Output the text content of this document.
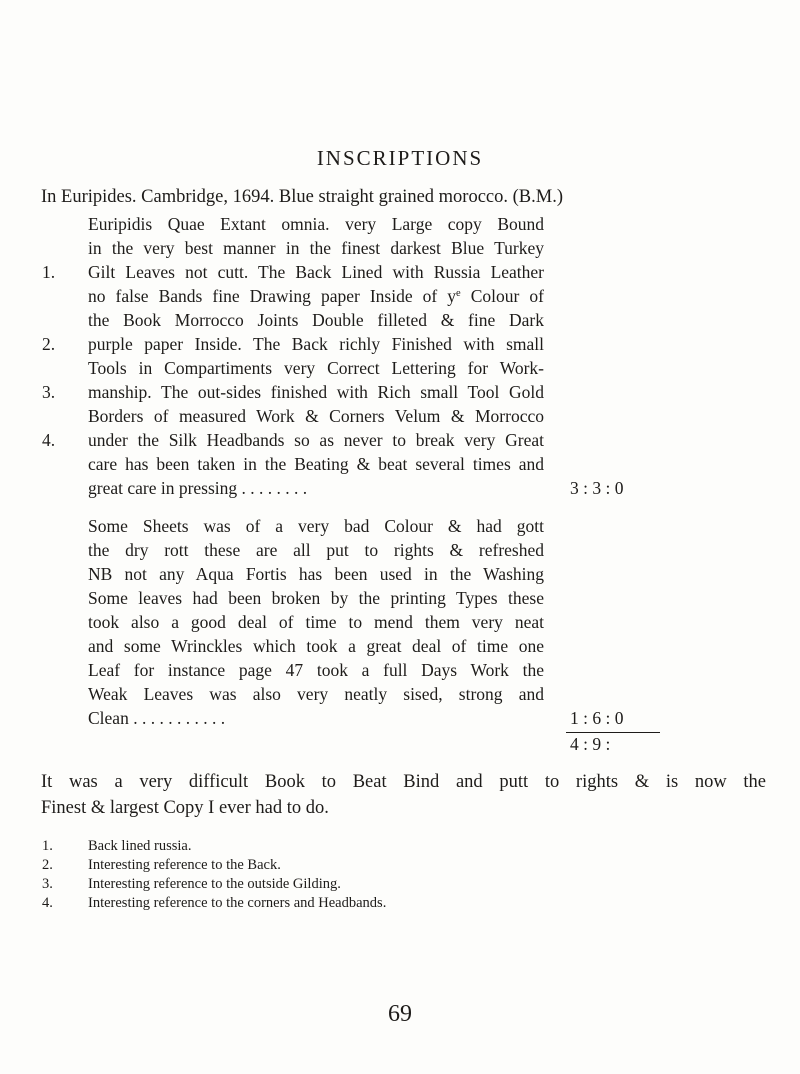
INSCRIPTIONS
In Euripides. Cambridge, 1694. Blue straight grained morocco. (B.M.)
Euripidis Quae Extant omnia. very Large copy Bound
in the very best manner in the finest darkest Blue Turkey
Gilt Leaves not cutt. The Back Lined with Russia Leather
no false Bands fine Drawing paper Inside of $y^e$ Colour of
the Book Morrocco Joints Double filleted & fine Dark
purple paper Inside. The Back richly Finished with small
Tools in Compartiments very Correct Lettering for Work-
manship. The out-sides finished with Rich small Tool Gold
Borders of measured Work & Corners Velum & Morrocco
under the Silk Headbands so as never to break very Great
care has been taken in the Beating & beat several times and
great care in pressing . . . . . . . .
1.
2.
3.
4.
3 : 3 : 0
Some Sheets was of a very bad Colour & had gott
the dry rott these are all put to rights & refreshed
NB not any Aqua Fortis has been used in the Washing
Some leaves had been broken by the printing Types these
took also a good deal of time to mend them very neat
and some Wrinckles which took a great deal of time one
Leaf for instance page 47 took a full Days Work the
Weak Leaves was also very neatly sised, strong and
Clean . . . . . . . . . . .	1 : 6 : 0
4 : 9 :
It was a very difficult Book to Beat Bind and putt to rights & is now the
Finest & largest Copy I ever had to do.
1.	Back lined russia.
2.	Interesting reference to the Back.
3.	Interesting reference to the outside Gilding.
4.	Interesting reference to the corners and Headbands.
69
